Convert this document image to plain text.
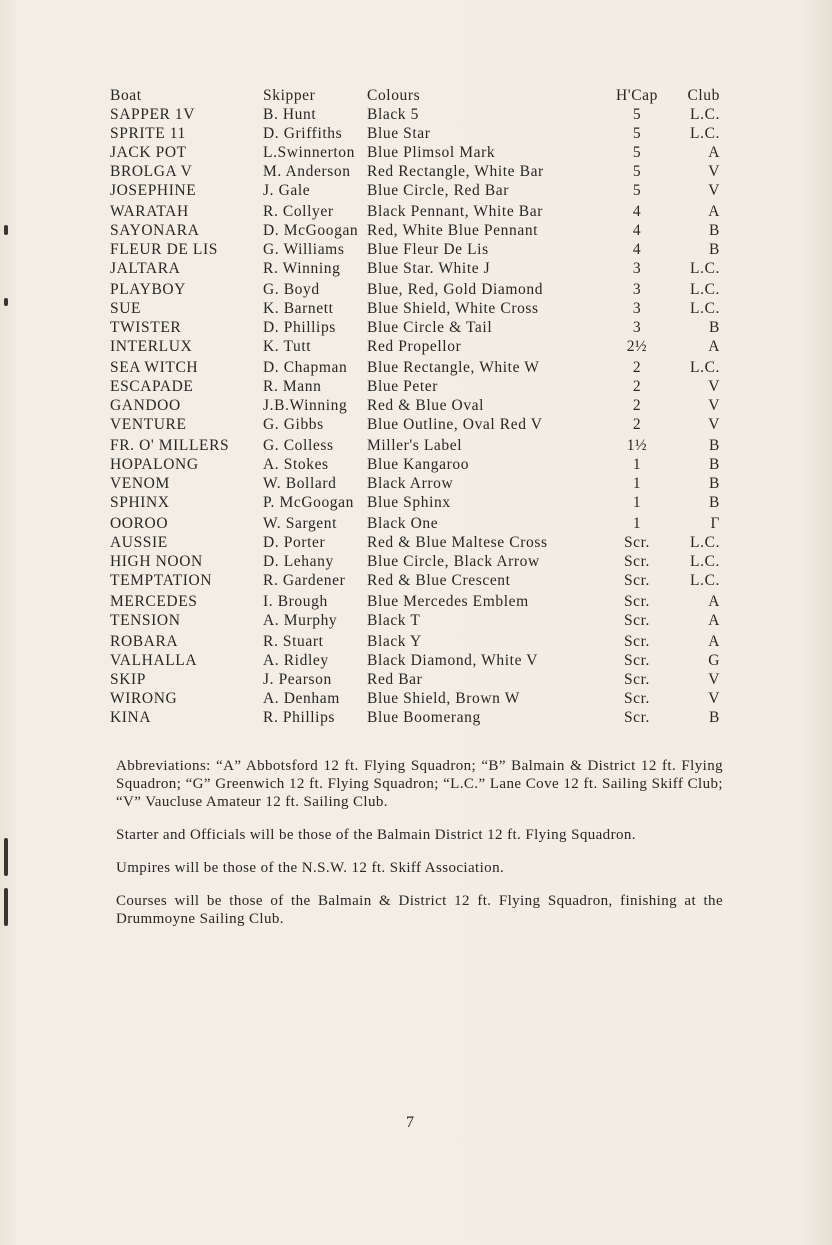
Boat	Skipper	Colours	H'Cap	Club
SAPPER 1V	B. Hunt	Black 5	5	L.C.
SPRITE 11	D. Griffiths	Blue Star	5	L.C.
JACK POT	L.Swinnerton	Blue Plimsol Mark	5	A
BROLGA V	M. Anderson	Red Rectangle, White Bar	5	V
JOSEPHINE	J. Gale	Blue Circle, Red Bar	5	V
WARATAH	R. Collyer	Black Pennant, White Bar	4	A
SAYONARA	D. McGoogan	Red, White Blue Pennant	4	B
FLEUR DE LIS	G. Williams	Blue Fleur De Lis	4	B
JALTARA	R. Winning	Blue Star. White J	3	L.C.
PLAYBOY	G. Boyd	Blue, Red, Gold Diamond	3	L.C.
SUE	K. Barnett	Blue Shield, White Cross	3	L.C.
TWISTER	D. Phillips	Blue Circle & Tail	3	B
INTERLUX	K. Tutt	Red Propellor	2½	A
SEA WITCH	D. Chapman	Blue Rectangle, White W	2	L.C.
ESCAPADE	R. Mann	Blue Peter	2	V
GANDOO	J.B.Winning	Red & Blue Oval	2	V
VENTURE	G. Gibbs	Blue Outline, Oval Red V	2	V
FR. O' MILLERS	G. Colless	Miller's Label	1½	B
HOPALONG	A. Stokes	Blue Kangaroo	1	B
VENOM	W. Bollard	Black Arrow	1	B
SPHINX	P. McGoogan	Blue Sphinx	1	B
OOROO	W. Sargent	Black One	1	Γ
AUSSIE	D. Porter	Red & Blue Maltese Cross	Scr.	L.C.
HIGH NOON	D. Lehany	Blue Circle, Black Arrow	Scr.	L.C.
TEMPTATION	R. Gardener	Red & Blue Crescent	Scr.	L.C.
MERCEDES	I. Brough	Blue Mercedes Emblem	Scr.	A
TENSION	A. Murphy	Black T	Scr.	A
ROBARA	R. Stuart	Black Y	Scr.	A
VALHALLA	A. Ridley	Black Diamond, White V	Scr.	G
SKIP	J. Pearson	Red Bar	Scr.	V
WIRONG	A. Denham	Blue Shield, Brown W	Scr.	V
KINA	R. Phillips	Blue Boomerang	Scr.	B

Abbreviations: “A” Abbotsford 12 ft. Flying Squadron; “B” Balmain & District 12 ft. Flying Squadron; “G” Greenwich 12 ft. Flying Squadron; “L.C.” Lane Cove 12 ft. Sailing Skiff Club; “V” Vaucluse Amateur 12 ft. Sailing Club.

Starter and Officials will be those of the Balmain District 12 ft. Flying Squadron.

Umpires will be those of the N.S.W. 12 ft. Skiff Association.

Courses will be those of the Balmain & District 12 ft. Flying Squadron, finishing at the Drummoyne Sailing Club.

7
